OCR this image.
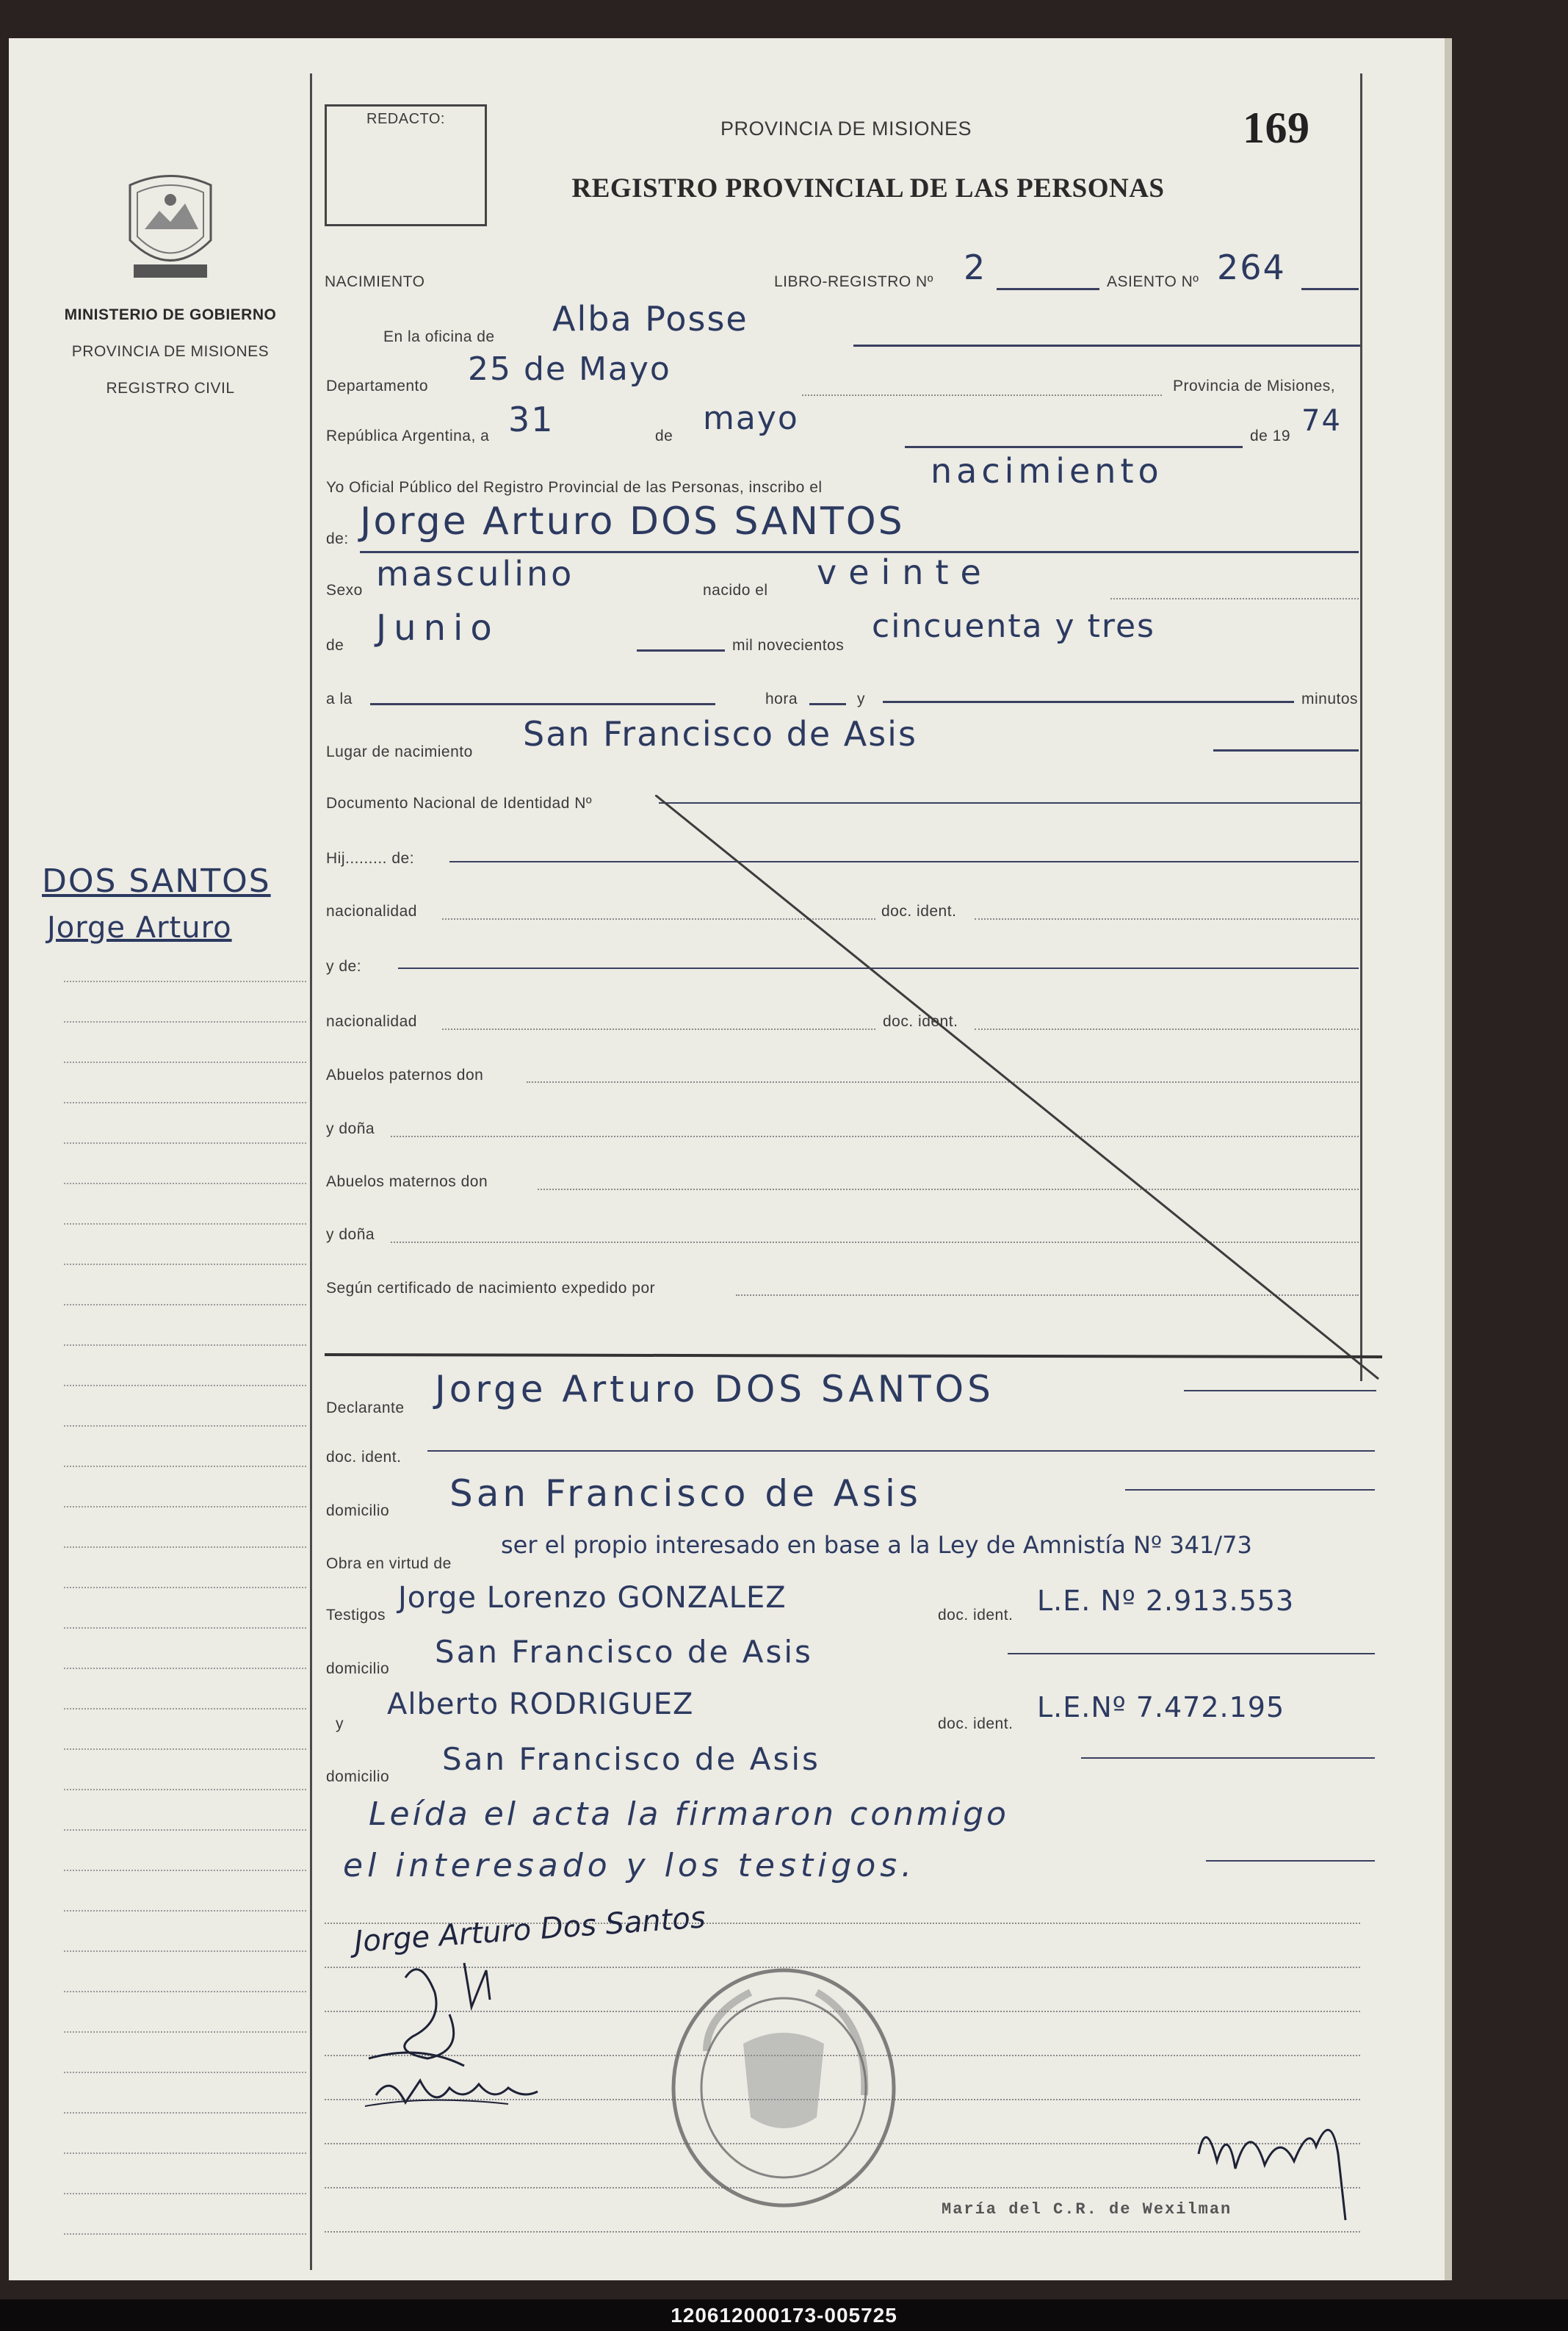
MINISTERIO DE GOBIERNO
PROVINCIA DE MISIONES
REGISTRO CIVIL
DOS SANTOS
Jorge Arturo
REDACTO:	PROVINCIA DE MISIONES	169
REGISTRO PROVINCIAL DE LAS PERSONAS
NACIMIENTO	LIBRO-REGISTRO Nº 2	ASIENTO Nº 264
En la oficina de Alba Posse
Departamento 25 de Mayo	Provincia de Misiones,
República Argentina, a 31	de mayo	de 19 74
Yo Oficial Público del Registro Provincial de las Personas, inscribo el	nacimiento
de: Jorge Arturo DOS SANTOS
Sexo masculino	nacido el veinte
de Junio	mil novecientos
cincuenta y tres
a la	hora	y	minutos
Lugar de nacimiento San Francisco de Asis
Documento Nacional de Identidad Nº
Hij......... de:
nacionalidad	doc. ident.
y de:
nacionalidad	doc. ident.
Abuelos paternos don
y doña
Abuelos maternos don
y doña
Según certificado de nacimiento expedido por
Declarante Jorge Arturo DOS SANTOS
doc. ident.
domicilio San Francisco de Asis
Obra en virtud de
ser el propio interesado en base a la Ley de Amnistía Nº 341/73
Testigos
Jorge Lorenzo GONZALEZ
doc. ident. L.E. Nº 2.913.553
domicilio San Francisco de Asis
y
Alberto RODRIGUEZ
doc. ident.
L.E.Nº 7.472.195
domicilio San Francisco de Asis
Leída el acta la firmaron conmigo
el interesado y los testigos.
Jorge Arturo Dos Santos
María del C.R. de Wexilman
120612000173-005725
